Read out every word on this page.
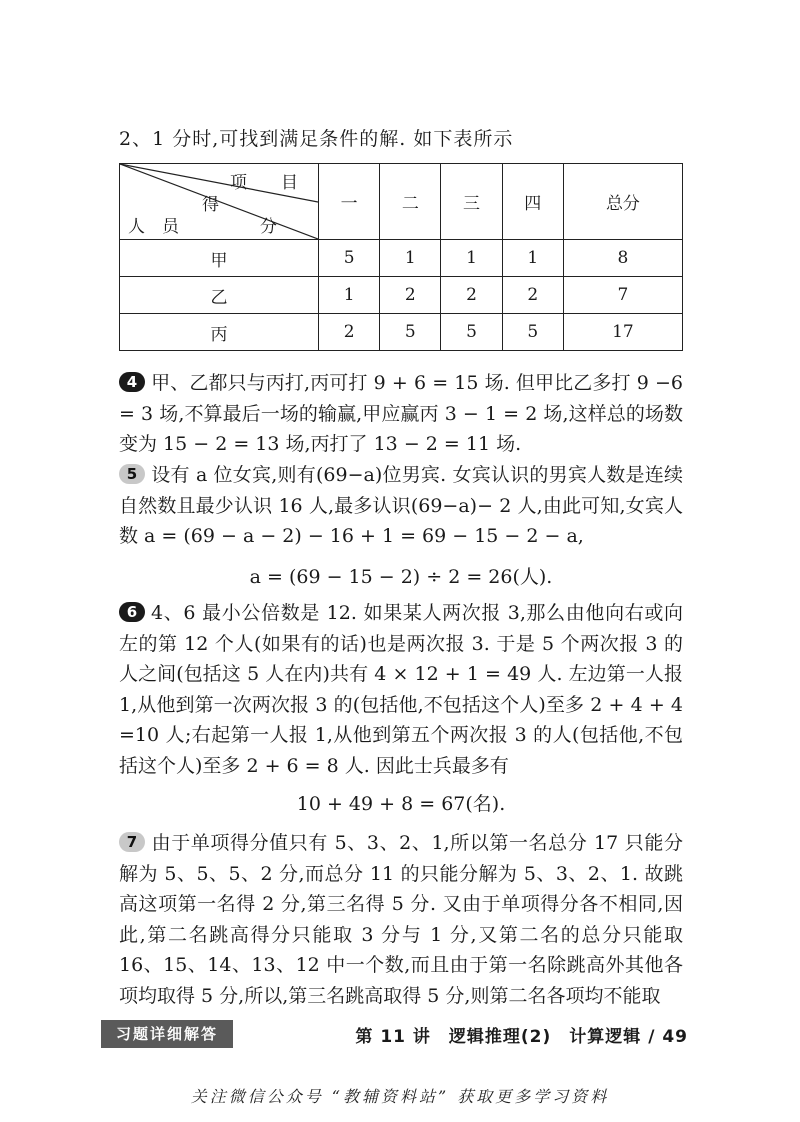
2、1 分时,可找到满足条件的解. 如下表所示
项　　目
得
分
人　员	一	二	三	四	总分
甲	5	1	1	1	8
乙	1	2	2	2	7
丙	2	5	5	5	17

4 甲、乙都只与丙打,丙可打 9 + 6 = 15 场. 但甲比乙多打 9 −6 = 3 场,不算最后一场的输赢,甲应赢丙 3 − 1 = 2 场,这样总的场数变为 15 − 2 = 13 场,丙打了 13 − 2 = 11 场.

5 设有 a 位女宾,则有(69−a)位男宾. 女宾认识的男宾人数是连续自然数且最少认识 16 人,最多认识(69−a)− 2 人,由此可知,女宾人数 a = (69 − a − 2) − 16 + 1 = 69 − 15 − 2 − a,

a = (69 − 15 − 2) ÷ 2 = 26(人).

6 4、6 最小公倍数是 12. 如果某人两次报 3,那么由他向右或向左的第 12 个人(如果有的话)也是两次报 3. 于是 5 个两次报 3 的人之间(包括这 5 人在内)共有 4 × 12 + 1 = 49 人. 左边第一人报 1,从他到第一次两次报 3 的(包括他,不包括这个人)至多 2 + 4 + 4 =10 人;右起第一人报 1,从他到第五个两次报 3 的人(包括他,不包括这个人)至多 2 + 6 = 8 人. 因此士兵最多有

10 + 49 + 8 = 67(名).

7 由于单项得分值只有 5、3、2、1,所以第一名总分 17 只能分解为 5、5、5、2 分,而总分 11 的只能分解为 5、3、2、1. 故跳高这项第一名得 2 分,第三名得 5 分. 又由于单项得分各不相同,因此,第二名跳高得分只能取 3 分与 1 分,又第二名的总分只能取 16、15、14、13、12 中一个数,而且由于第一名除跳高外其他各项均取得 5 分,所以,第三名跳高取得 5 分,则第二名各项均不能取

习题详细解答	第 11 讲　逻辑推理(2)　计算逻辑 / 49
关注微信公众号 “教辅资料站” 获取更多学习资料
